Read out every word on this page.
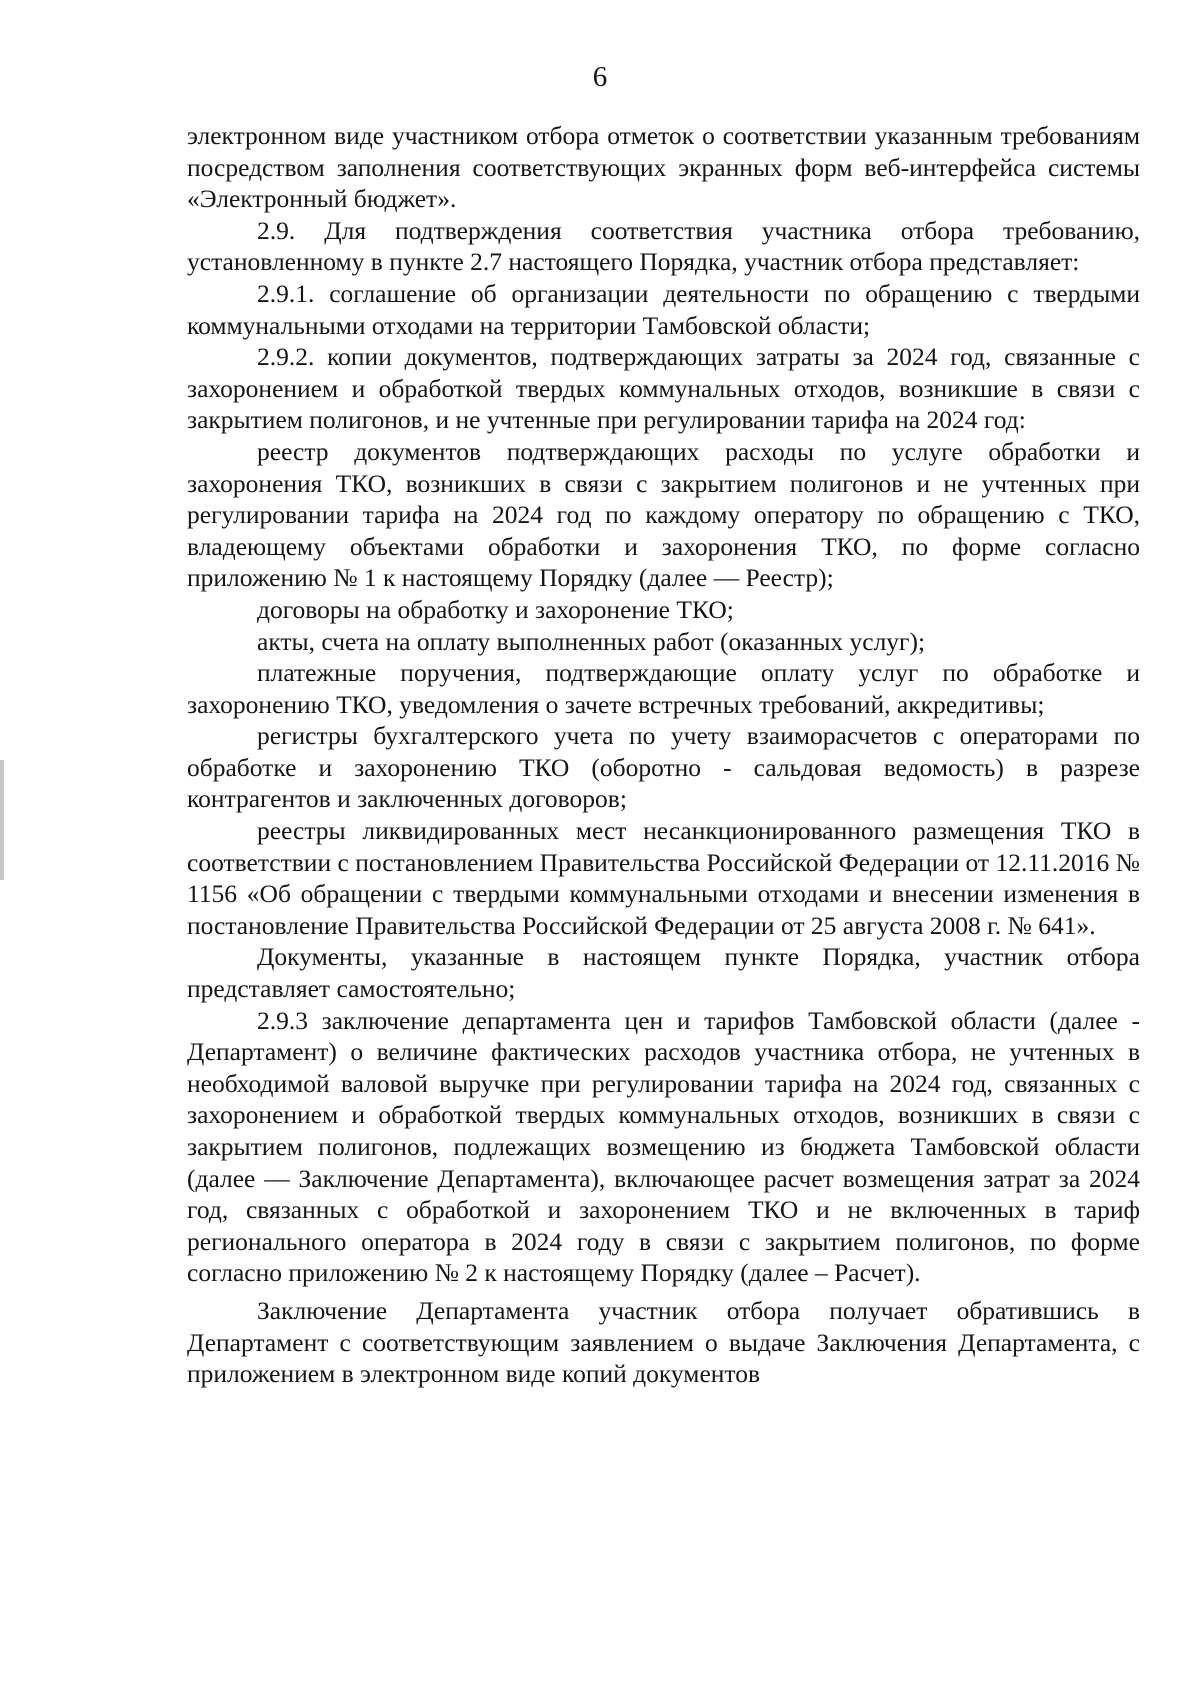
6

электронном виде участником отбора отметок о соответствии указанным требованиям посредством заполнения соответствующих экранных форм веб-интерфейса системы «Электронный бюджет».

2.9. Для подтверждения соответствия участника отбора требованию, установленному в пункте 2.7 настоящего Порядка, участник отбора представляет:

2.9.1. соглашение об организации деятельности по обращению с твердыми коммунальными отходами на территории Тамбовской области;

2.9.2. копии документов, подтверждающих затраты за 2024 год, связанные с захоронением и обработкой твердых коммунальных отходов, возникшие в связи с закрытием полигонов, и не учтенные при регулировании тарифа на 2024 год:

реестр документов подтверждающих расходы по услуге обработки и захоронения ТКО, возникших в связи с закрытием полигонов и не учтенных при регулировании тарифа на 2024 год по каждому оператору по обращению с ТКО, владеющему объектами обработки и захоронения ТКО, по форме согласно приложению № 1 к настоящему Порядку (далее — Реестр);

договоры на обработку и захоронение ТКО;

акты, счета на оплату выполненных работ (оказанных услуг);

платежные поручения, подтверждающие оплату услуг по обработке и захоронению ТКО, уведомления о зачете встречных требований, аккредитивы;

регистры бухгалтерского учета по учету взаиморасчетов с операторами по обработке и захоронению ТКО (оборотно - сальдовая ведомость) в разрезе контрагентов и заключенных договоров;

реестры ликвидированных мест несанкционированного размещения ТКО в соответствии с постановлением Правительства Российской Федерации от 12.11.2016 № 1156 «Об обращении с твердыми коммунальными отходами и внесении изменения в постановление Правительства Российской Федерации от 25 августа 2008 г. № 641».

Документы, указанные в настоящем пункте Порядка, участник отбора представляет самостоятельно;

2.9.3 заключение департамента цен и тарифов Тамбовской области (далее - Департамент) о величине фактических расходов участника отбора, не учтенных в необходимой валовой выручке при регулировании тарифа на 2024 год, связанных с захоронением и обработкой твердых коммунальных отходов, возникших в связи с закрытием полигонов, подлежащих возмещению из бюджета Тамбовской области (далее — Заключение Департамента), включающее расчет возмещения затрат за 2024 год, связанных с обработкой и захоронением ТКО и не включенных в тариф регионального оператора в 2024 году в связи с закрытием полигонов, по форме согласно приложению № 2 к настоящему Порядку (далее – Расчет).

Заключение Департамента участник отбора получает обратившись в Департамент с соответствующим заявлением о выдаче Заключения Департамента, с приложением в электронном виде копий документов
